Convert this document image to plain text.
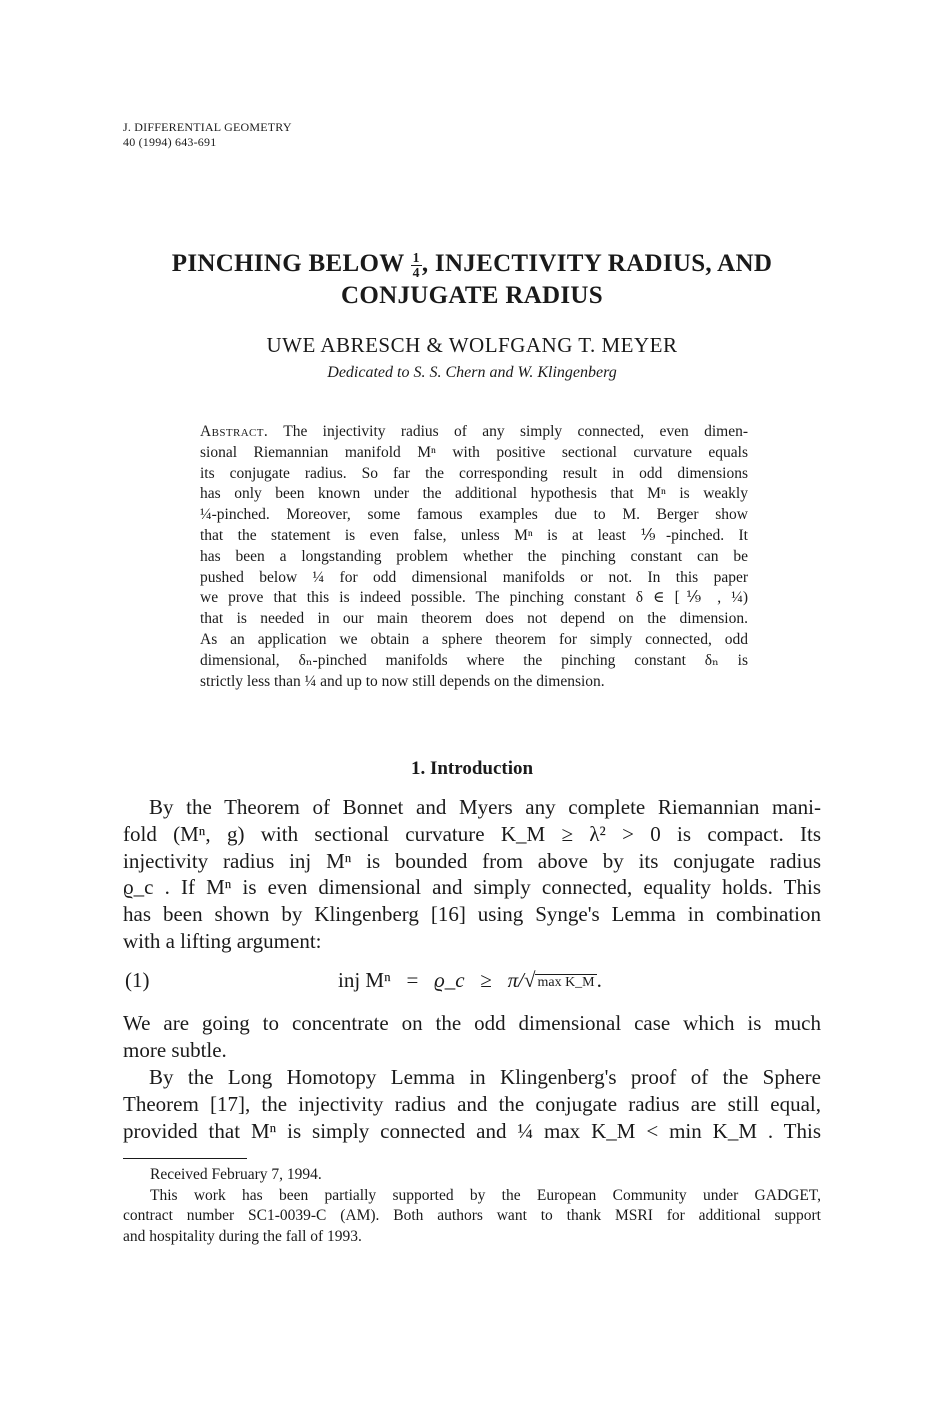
J. DIFFERENTIAL GEOMETRY
40 (1994) 643-691
PINCHING BELOW $\frac{1}{4}$ , INJECTIVITY RADIUS, AND
CONJUGATE RADIUS
UWE ABRESCH & WOLFGANG T. MEYER
Dedicated to S. S. Chern and W. Klingenberg
Abstract. The injectivity radius of any simply connected, even dimen-
sional Riemannian manifold Mⁿ with positive sectional curvature equals
its conjugate radius. So far the corresponding result in odd dimensions
has only been known under the additional hypothesis that Mⁿ is weakly
¼-pinched. Moreover, some famous examples due to M. Berger show
that the statement is even false, unless Mⁿ is at least ⅑-pinched. It
has been a longstanding problem whether the pinching constant can be
pushed below ¼ for odd dimensional manifolds or not. In this paper
we prove that this is indeed possible. The pinching constant δ ∈ [⅑ , ¼)
that is needed in our main theorem does not depend on the dimension.
As an application we obtain a sphere theorem for simply connected, odd
dimensional, δₙ-pinched manifolds where the pinching constant δₙ is
strictly less than ¼ and up to now still depends on the dimension.
1. Introduction
By the Theorem of Bonnet and Myers any complete Riemannian mani-
fold (Mⁿ, g) with sectional curvature K_M ≥ λ² > 0 is compact. Its
injectivity radius inj Mⁿ is bounded from above by its conjugate radius
ϱ_c . If Mⁿ is even dimensional and simply connected, equality holds. This
has been shown by Klingenberg [16] using Synge's Lemma in combination
with a lifting argument:
(1)	inj Mⁿ = ϱ_c ≥ π/√ max K_M.
We are going to concentrate on the odd dimensional case which is much
more subtle.
By the Long Homotopy Lemma in Klingenberg's proof of the Sphere
Theorem [17], the injectivity radius and the conjugate radius are still equal,
provided that Mⁿ is simply connected and ¼ max K_M < min K_M . This
Received February 7, 1994.
This work has been partially supported by the European Community under GADGET,
contract number SC1-0039-C (AM). Both authors want to thank MSRI for additional support
and hospitality during the fall of 1993.
